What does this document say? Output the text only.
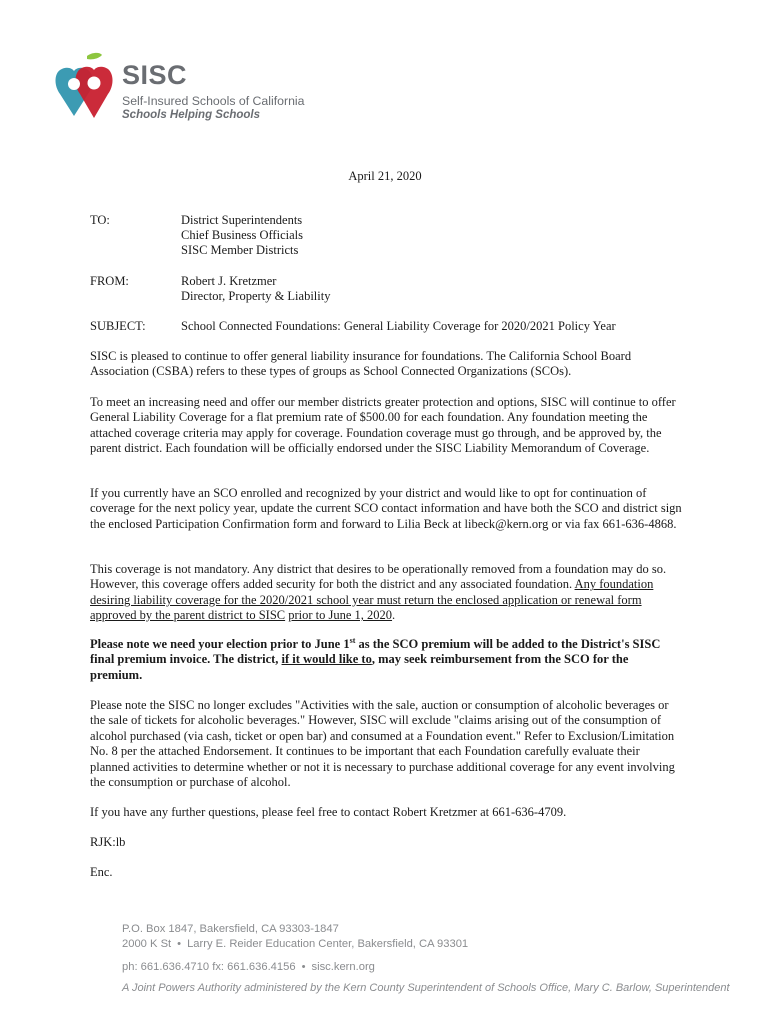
SISC
Self-Insured Schools of California
Schools Helping Schools
April 21, 2020
TO:	District Superintendents
Chief Business Officials
SISC Member Districts
FROM:	Robert J. Kretzmer
Director, Property & Liability
SUBJECT:	School Connected Foundations: General Liability Coverage for 2020/2021 Policy Year

SISC is pleased to continue to offer general liability insurance for foundations. The California School Board Association (CSBA) refers to these types of groups as School Connected Organizations (SCOs).

To meet an increasing need and offer our member districts greater protection and options, SISC will continue to offer General Liability Coverage for a flat premium rate of $500.00 for each foundation. Any foundation meeting the attached coverage criteria may apply for coverage. Foundation coverage must go through, and be approved by, the parent district. Each foundation will be officially endorsed under the SISC Liability Memorandum of Coverage.

If you currently have an SCO enrolled and recognized by your district and would like to opt for continuation of coverage for the next policy year, update the current SCO contact information and have both the SCO and district sign the enclosed Participation Confirmation form and forward to Lilia Beck at libeck@kern.org or via fax 661-636-4868.

This coverage is not mandatory. Any district that desires to be operationally removed from a foundation may do so. However, this coverage offers added security for both the district and any associated foundation. Any foundation desiring liability coverage for the 2020/2021 school year must return the enclosed application or renewal form approved by the parent district to SISC prior to June 1, 2020.

Please note we need your election prior to June 1st as the SCO premium will be added to the District's SISC final premium invoice. The district, if it would like to, may seek reimbursement from the SCO for the premium.

Please note the SISC no longer excludes "Activities with the sale, auction or consumption of alcoholic beverages or the sale of tickets for alcoholic beverages." However, SISC will exclude "claims arising out of the consumption of alcohol purchased (via cash, ticket or open bar) and consumed at a Foundation event." Refer to Exclusion/Limitation No. 8 per the attached Endorsement. It continues to be important that each Foundation carefully evaluate their planned activities to determine whether or not it is necessary to purchase additional coverage for any event involving the consumption or purchase of alcohol.

If you have any further questions, please feel free to contact Robert Kretzmer at 661-636-4709.

RJK:lb

Enc.

P.O. Box 1847, Bakersfield, CA 93303-1847
2000 K St • Larry E. Reider Education Center, Bakersfield, CA 93301
ph: 661.636.4710 fx: 661.636.4156 • sisc.kern.org
A Joint Powers Authority administered by the Kern County Superintendent of Schools Office, Mary C. Barlow, Superintendent
